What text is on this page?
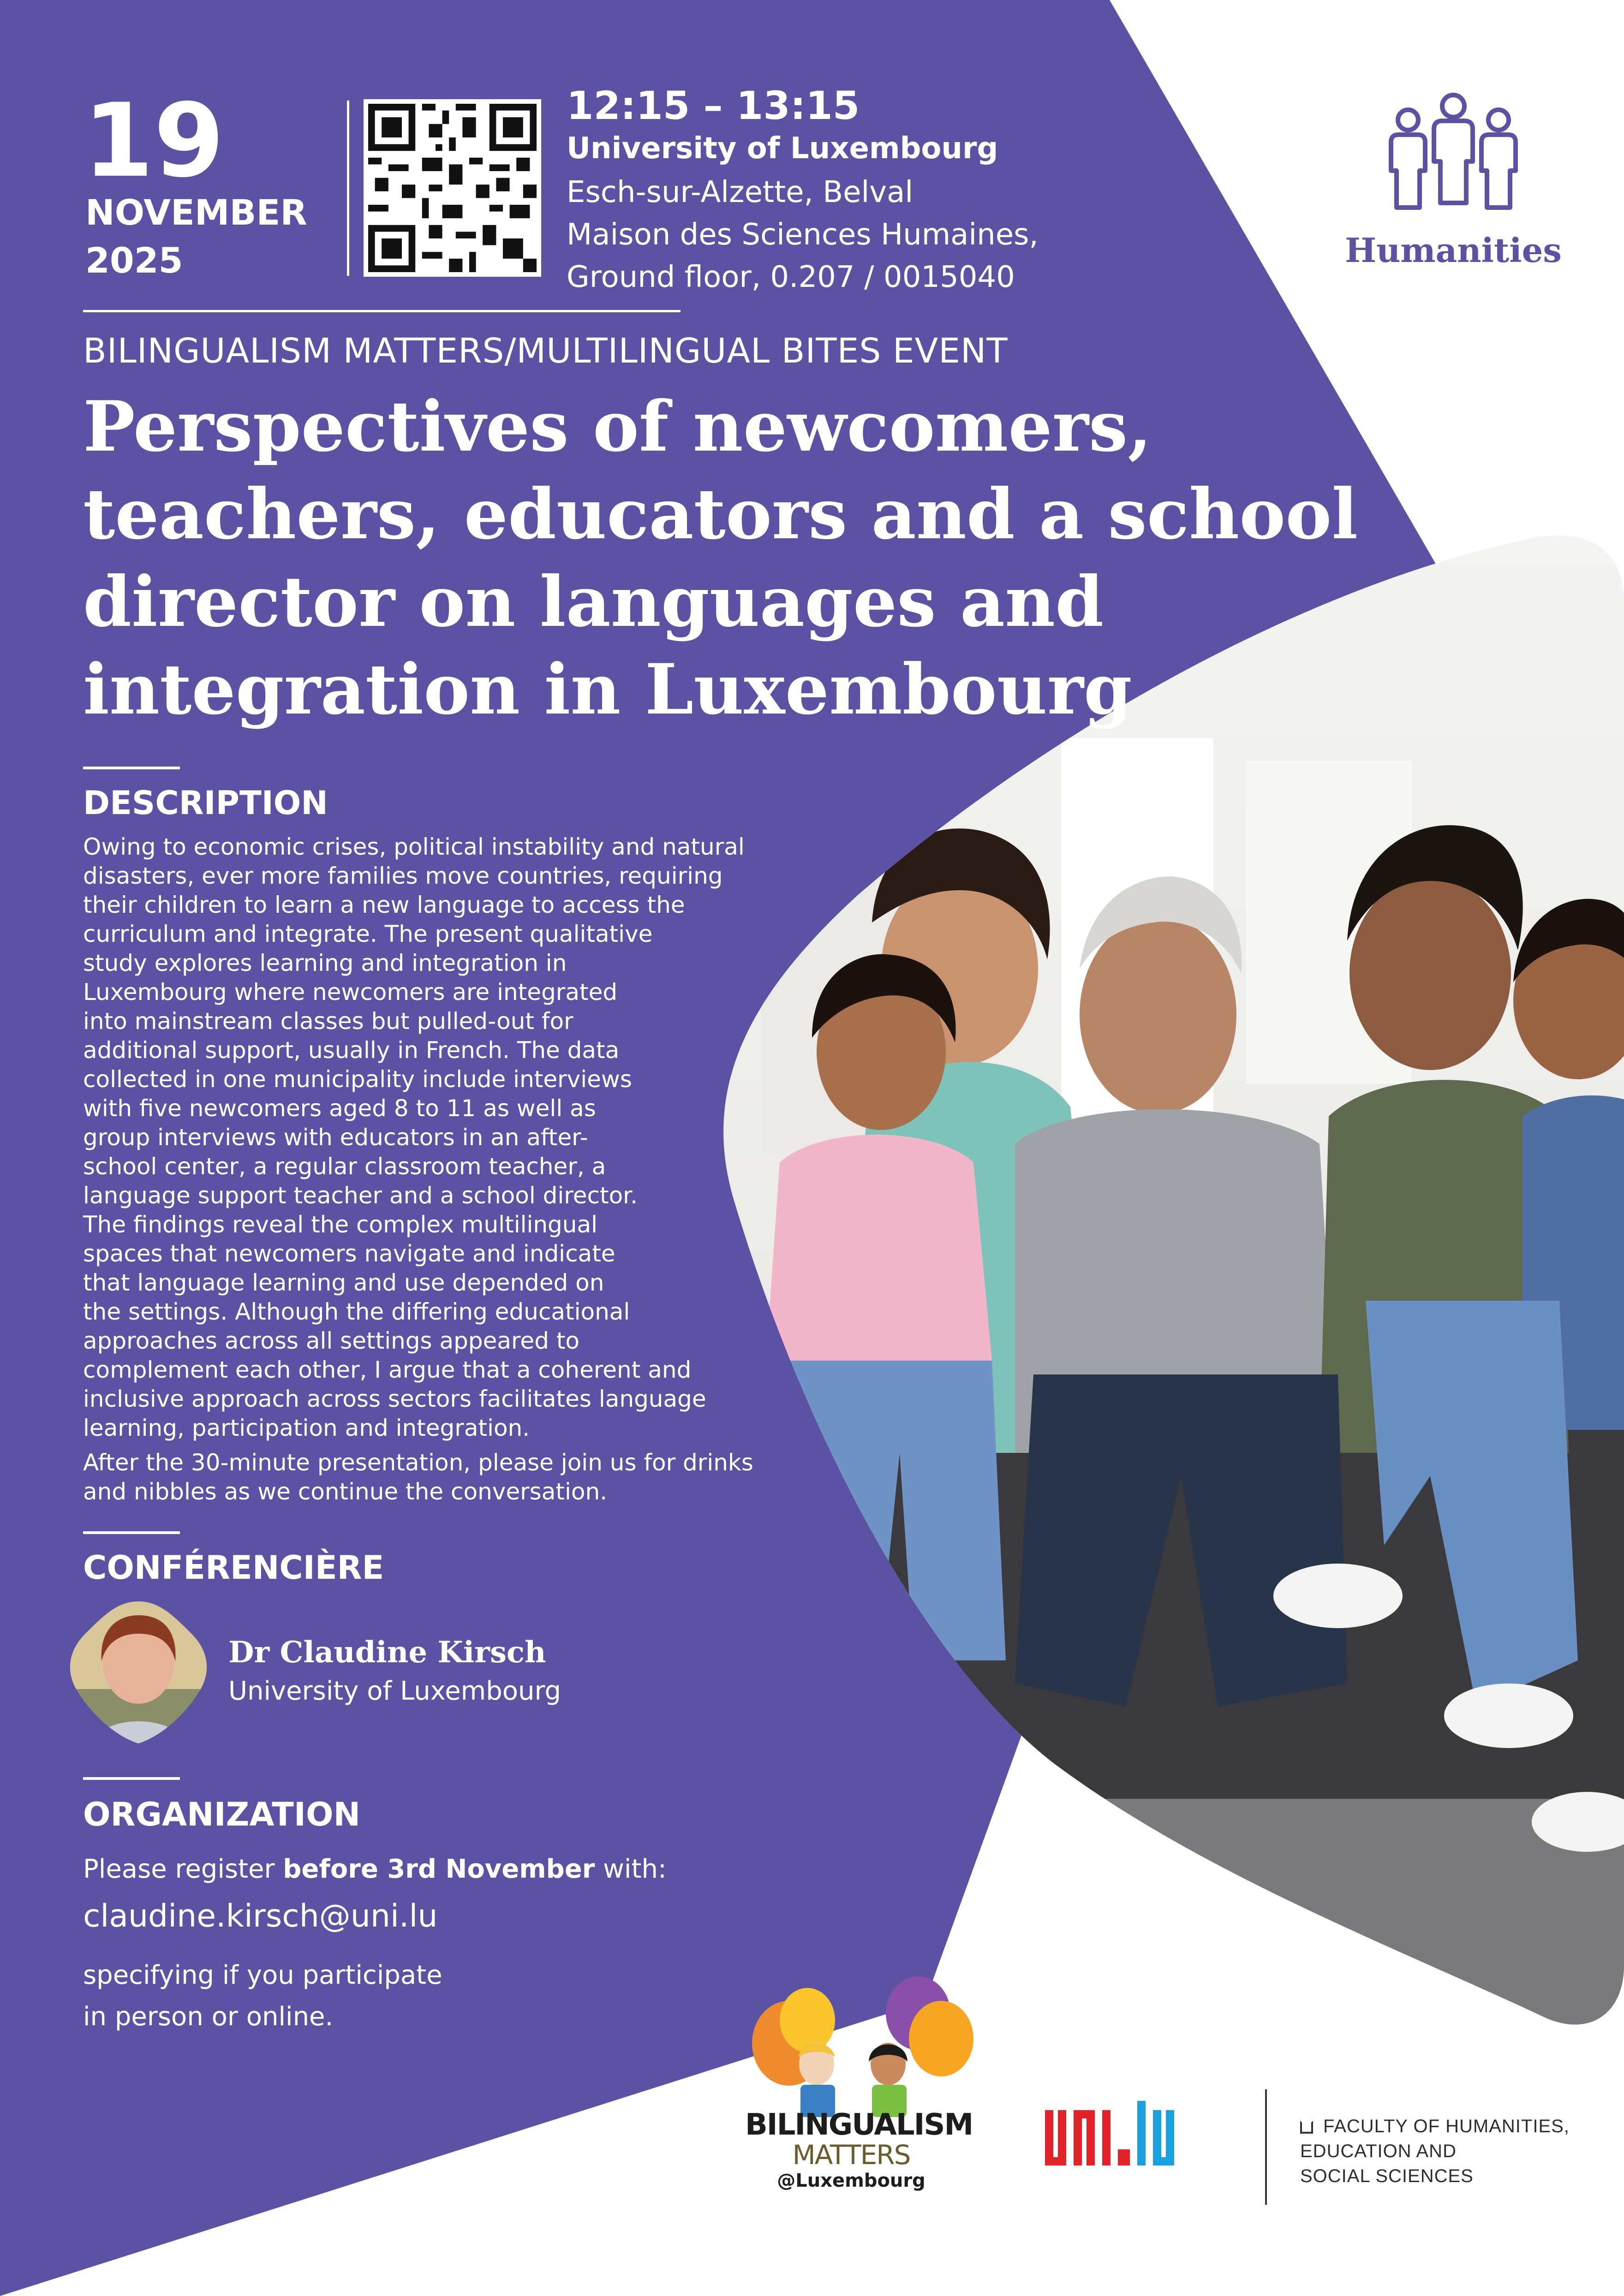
19
NOVEMBER
2025
12:15 – 13:15
University of Luxembourg
Esch-sur-Alzette, Belval
Maison des Sciences Humaines,
Ground floor, 0.207 / 0015040
BILINGUALISM MATTERS/MULTILINGUAL BITES EVENT
Perspectives of newcomers,
teachers, educators and a school
director on languages and
integration in Luxembourg
DESCRIPTION
Owing to economic crises, political instability and natural
disasters, ever more families move countries, requiring
their children to learn a new language to access the
curriculum and integrate. The present qualitative
study explores learning and integration in
Luxembourg where newcomers are integrated
into mainstream classes but pulled-out for
additional support, usually in French. The data
collected in one municipality include interviews
with five newcomers aged 8 to 11 as well as
group interviews with educators in an after-
school center, a regular classroom teacher, a
language support teacher and a school director.
The findings reveal the complex multilingual
spaces that newcomers navigate and indicate
that language learning and use depended on
the settings. Although the differing educational
approaches across all settings appeared to
complement each other, I argue that a coherent and
inclusive approach across sectors facilitates language
learning, participation and integration.
After the 30-minute presentation, please join us for drinks
and nibbles as we continue the conversation.
CONFÉRENCIÈRE
Dr Claudine Kirsch
University of Luxembourg
ORGANIZATION
Please register before 3rd November with:
claudine.kirsch@uni.lu
specifying if you participate
in person or online.
Humanities
BILINGUALISM
MATTERS
@Luxembourg
FACULTY OF HUMANITIES,
EDUCATION AND
SOCIAL SCIENCES
